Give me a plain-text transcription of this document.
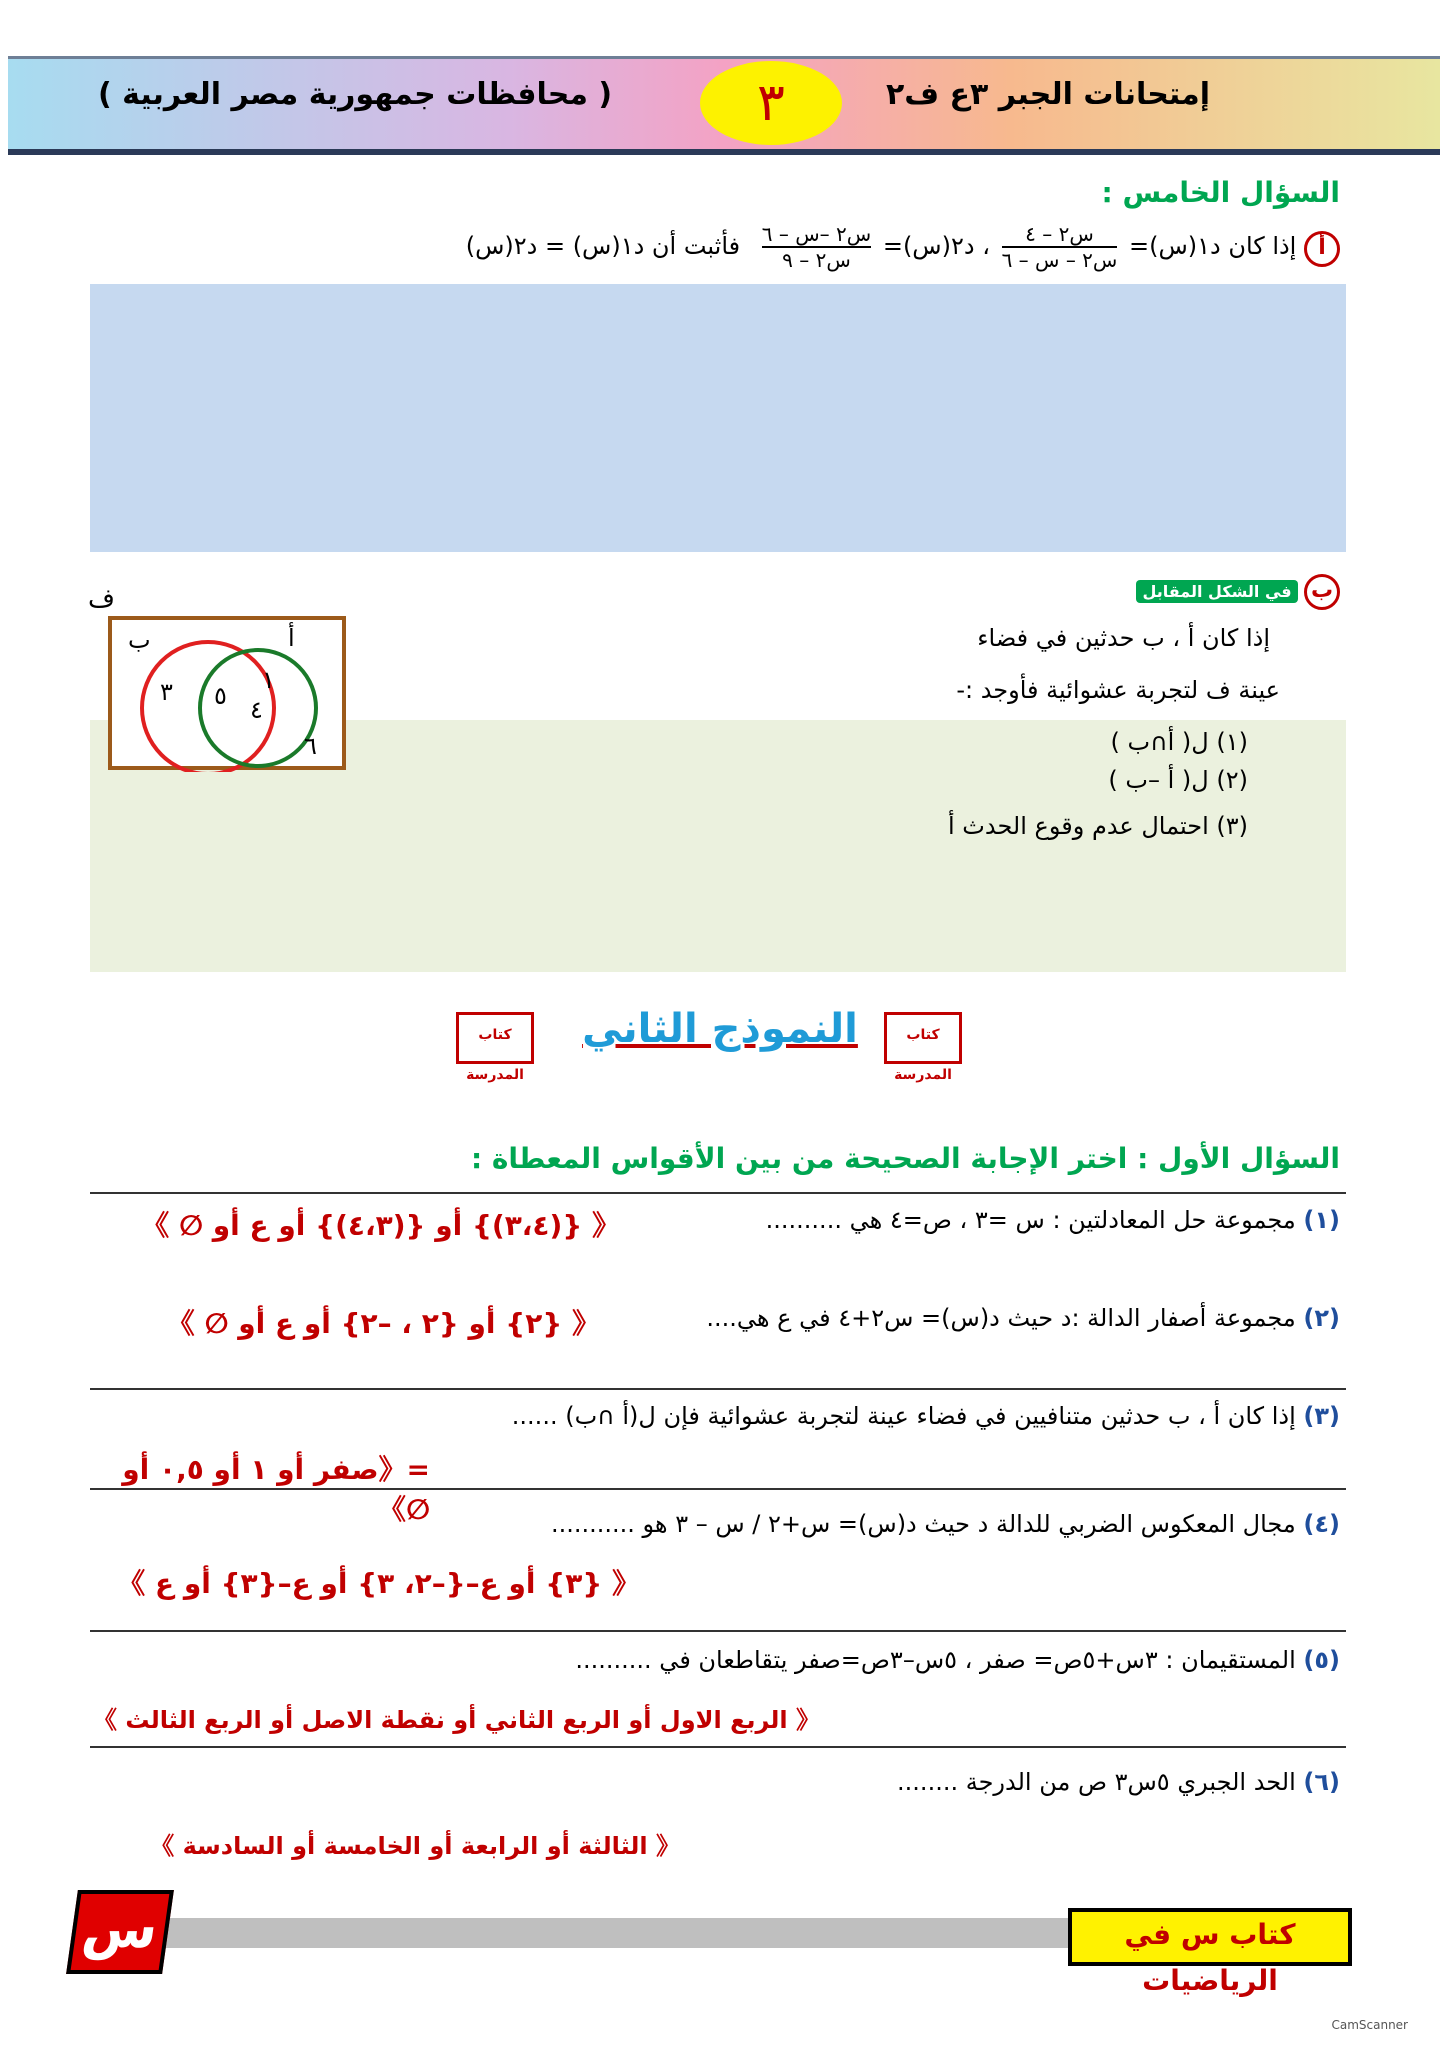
إمتحانات الجبر ٣ع ف٢
٣
( محافظات جمهورية مصر العربية )
السؤال الخامس :
أ إذا كان د١(س)=
س٢ – ٤
س٢ – س – ٦
، د٢(س)=
س٢ –س – ٦
س٢ – ٩
فأثبت أن د١(س) = د٢(س)
ب في الشكل المقابل
إذا كان أ ، ب حدثين في فضاء
عينة ف لتجربة عشوائية فأوجد :-
(١) ل( أ∩ب )
(٢) ل( أ –ب )
(٣) احتمال عدم وقوع الحدث أ
ف
ب	أ
٣ ٥
١
٤
٦
كتاب المدرسة
النموذج الثاني	كتاب المدرسة
السؤال الأول : اختر الإجابة الصحيحة من بين الأقواس المعطاة :
(١) مجموعة حل المعادلتين : س =٣ ، ص=٤ هي ..........
《 {(٣،٤)} أو {(٤،٣)} أو ع أو ∅ 》
(٢) مجموعة أصفار الدالة :د حيث د(س)= س٢+٤ في ع هي....
《 {٢} أو {٢ ، –٢} أو ع أو ∅ 》
(٣) إذا كان أ ، ب حدثين متنافيين في فضاء عينة لتجربة عشوائية فإن ل(أ ∩ب) ......
=《صفر أو ١ أو ٠,٥ أو ∅》	(٤) مجال المعكوس الضربي للدالة د حيث د(س)= س+٢ / س – ٣ هو ...........
《 {٣} أو ع–{–٢، ٣} أو ع–{٣} أو ع 》
(٥) المستقيمان : ٣س+٥ص= صفر ، ٥س–٣ص=صفر يتقاطعان في ..........
《 الربع الاول أو الربع الثاني أو نقطة الاصل أو الربع الثالث 》
(٦) الحد الجبري ٥س٣ ص من الدرجة ........
《 الثالثة أو الرابعة أو الخامسة أو السادسة 》
كتاب س في الرياضيات
س
CamScanner
